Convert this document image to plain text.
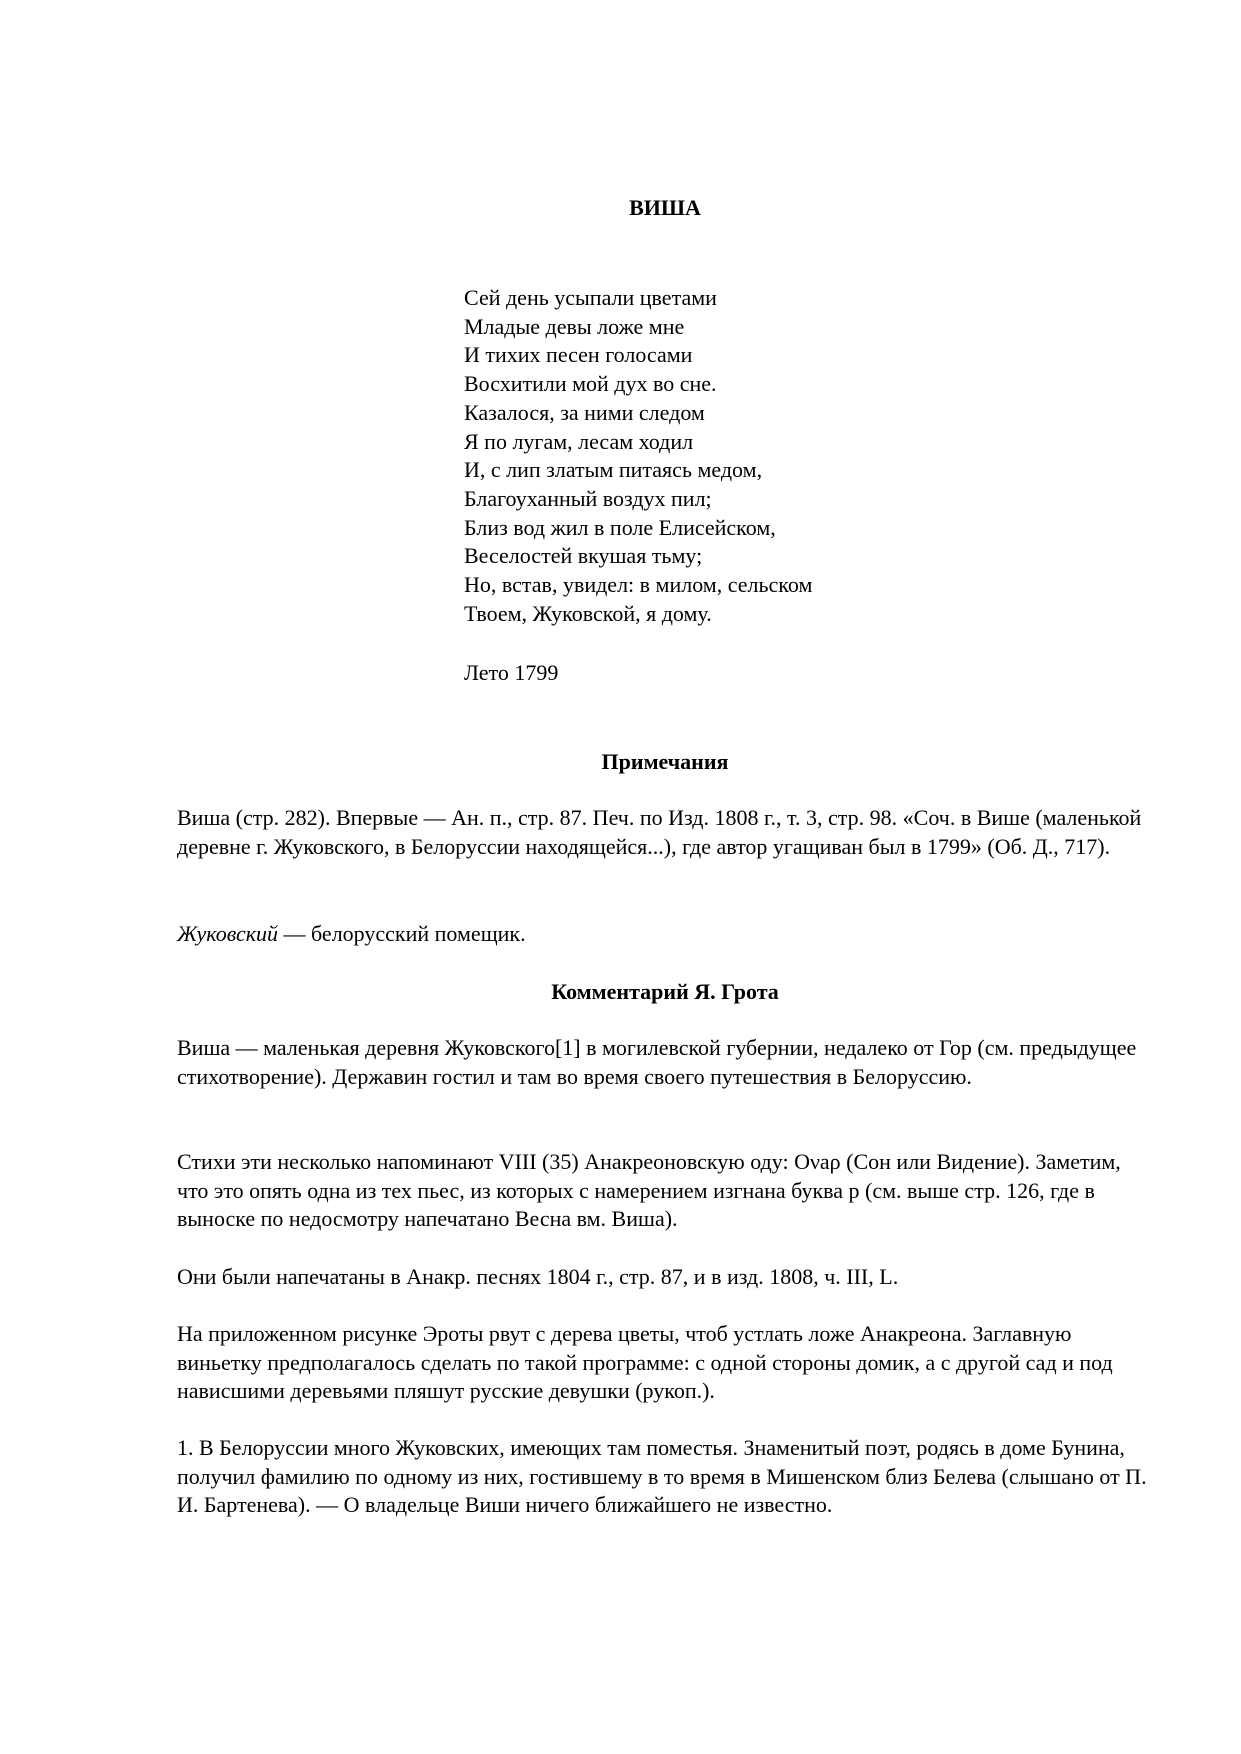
ВИША
Сей день усыпали цветами
Младые девы ложе мне
И тихих песен голосами
Восхитили мой дух во сне.
Казалося, за ними следом
Я по лугам, лесам ходил
И, с лип златым питаясь медом,
Благоуханный воздух пил;
Близ вод жил в поле Елисейском,
Веселостей вкушая тьму;
Но, встав, увидел: в милом, сельском
Твоем, Жуковской, я дому.

Лето 1799

Примечания

Виша (стр. 282). Впервые — Ан. п., стр. 87. Печ. по Изд. 1808 г., т. 3, стр. 98. «Соч. в Више (маленькой деревне г. Жуковского, в Белоруссии находящейся...), где автор угащиван был в 1799» (Об. Д., 717).

Жуковский — белорусский помещик.

Комментарий Я. Грота

Виша — маленькая деревня Жуковского[1] в могилевской губернии, недалеко от Гор (см. предыдущее стихотворение). Державин гостил и там во время своего путешествия в Белоруссию.

Стихи эти несколько напоминают VIII (35) Анакреоновскую оду: Ονaρ (Сон или Видение). Заметим, что это опять одна из тех пьес, из которых с намерением изгнана буква р (см. выше стр. 126, где в выноске по недосмотру напечатано Весна вм. Виша).

Они были напечатаны в Анакр. песнях 1804 г., стр. 87, и в изд. 1808, ч. III, L.

На приложенном рисунке Эроты рвут с дерева цветы, чтоб устлать ложе Анакреона. Заглавную виньетку предполагалось сделать по такой программе: с одной стороны домик, а с другой сад и под нависшими деревьями пляшут русские девушки (рукоп.).

1. В Белоруссии много Жуковских, имеющих там поместья. Знаменитый поэт, родясь в доме Бунина, получил фамилию по одному из них, гостившему в то время в Мишенском близ Белева (слышано от П. И. Бартенева). — О владельце Виши ничего ближайшего не известно.
